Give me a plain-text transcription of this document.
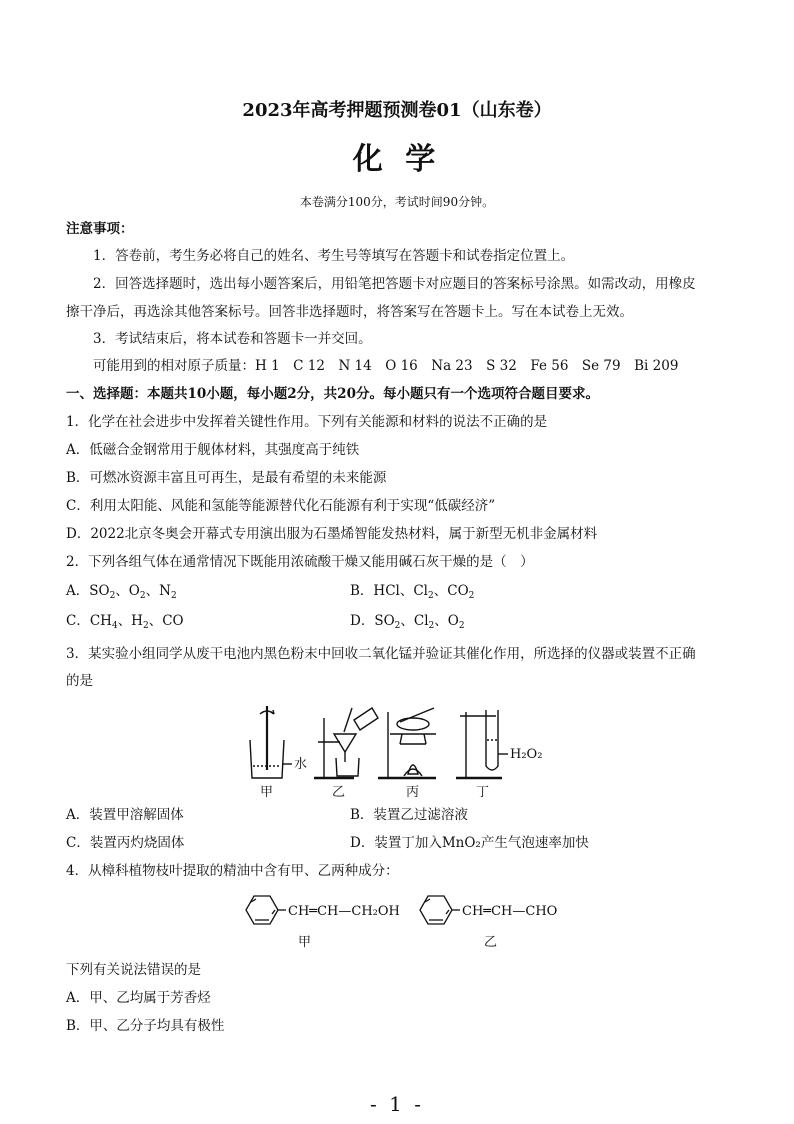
2023年高考押题预测卷01（山东卷）
化 学
本卷满分100分，考试时间90分钟。
注意事项：
1．答卷前，考生务必将自己的姓名、考生号等填写在答题卡和试卷指定位置上。
2．回答选择题时，选出每小题答案后，用铅笔把答题卡对应题目的答案标号涂黑。如需改动，用橡皮
擦干净后，再选涂其他答案标号。回答非选择题时，将答案写在答题卡上。写在本试卷上无效。
3．考试结束后，将本试卷和答题卡一并交回。
可能用到的相对原子质量：H 1　C 12　N 14　O 16　Na 23　S 32　Fe 56　Se 79　Bi 209
一、选择题：本题共10小题，每小题2分，共20分。每小题只有一个选项符合题目要求。
1．化学在社会进步中发挥着关键性作用。下列有关能源和材料的说法不正确的是
A．低磁合金钢常用于舰体材料，其强度高于纯铁
B．可燃冰资源丰富且可再生，是最有希望的未来能源
C．利用太阳能、风能和氢能等能源替代化石能源有利于实现“低碳经济”
D．2022北京冬奥会开幕式专用演出服为石墨烯智能发热材料，属于新型无机非金属材料
2．下列各组气体在通常情况下既能用浓硫酸干燥又能用碱石灰干燥的是（　）
A．$SO_2$、$O_2$、$N_2$	B．HCl、$Cl_2$、$CO_2$
C．$CH_4$、$H_2$、CO	D．$SO_2$、$Cl_2$、$O_2$
3．某实验小组同学从废干电池内黑色粉末中回收二氧化锰并验证其催化作用，所选择的仪器或装置不正确
的是
水
H₂O₂
甲	乙	丙	丁
A．装置甲溶解固体	B．装置乙过滤溶液
C．装置丙灼烧固体	D．装置丁加入MnO₂产生气泡速率加快
4．从樟科植物枝叶提取的精油中含有甲、乙两种成分：
CH═CH—CH₂OH	CH═CH—CHO
甲	乙
下列有关说法错误的是
A．甲、乙均属于芳香烃
B．甲、乙分子均具有极性
- 1 -
